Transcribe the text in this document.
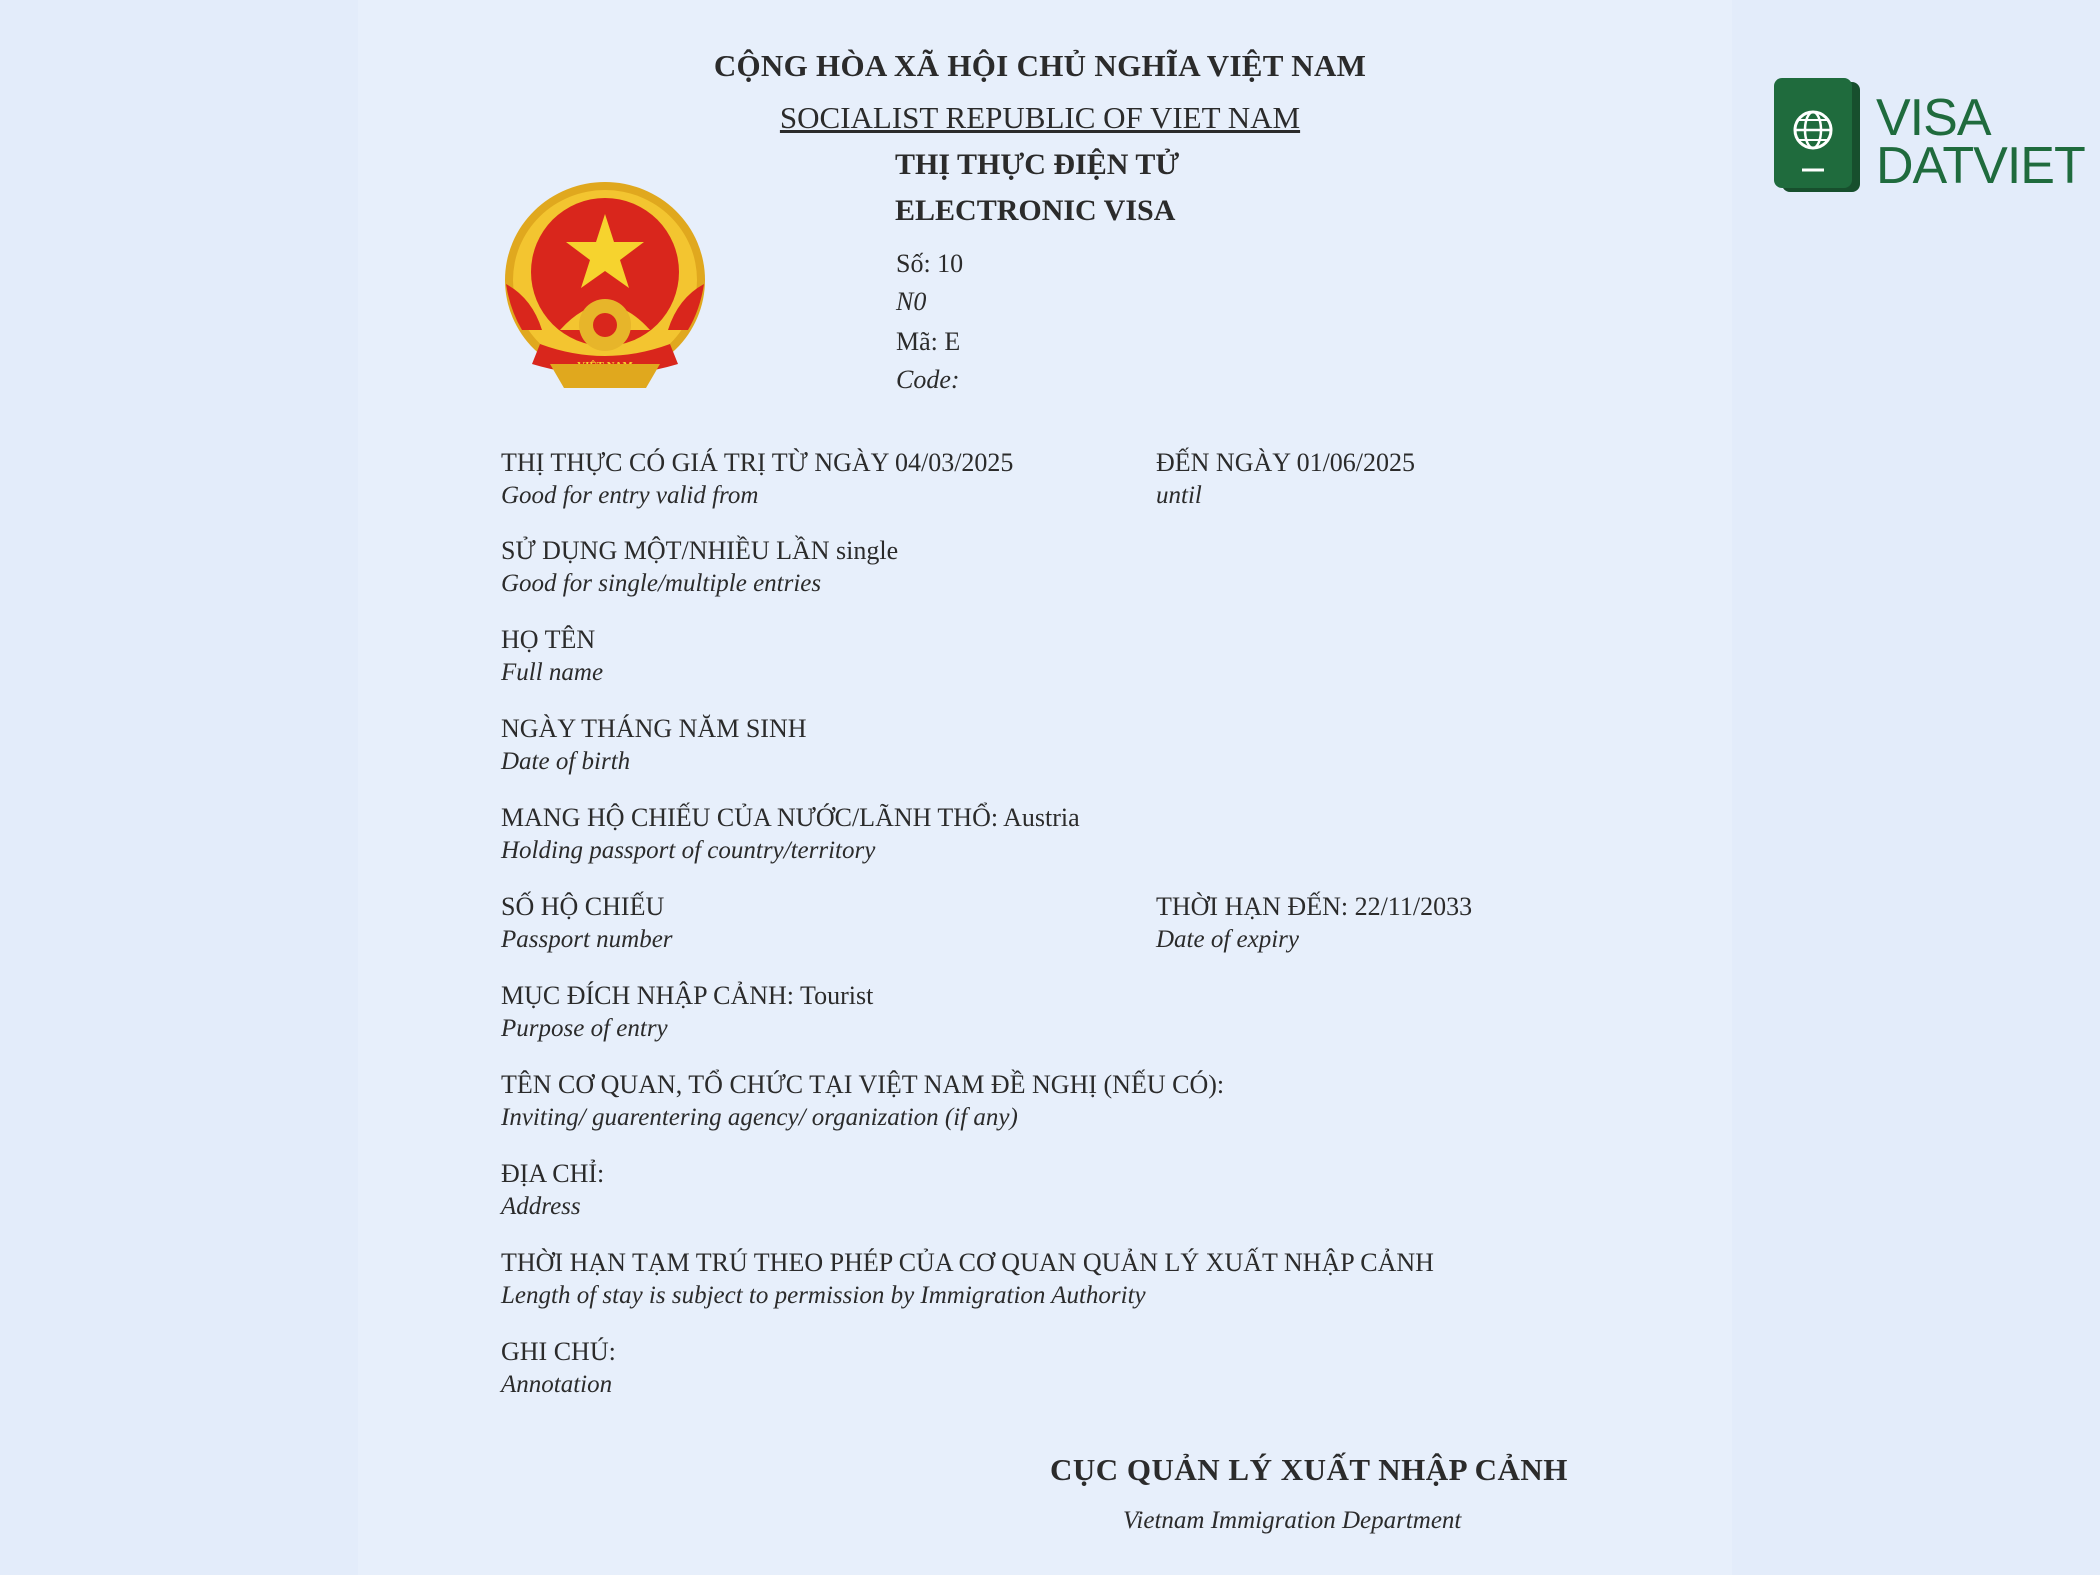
CỘNG HÒA XÃ HỘI CHỦ NGHĨA VIỆT NAM
SOCIALIST REPUBLIC OF VIET NAM
THỊ THỰC ĐIỆN TỬ
ELECTRONIC VISA
Số: 10
N0
Mã: E
Code:
VISA
DATVIET
THỊ THỰC CÓ GIÁ TRỊ TỪ NGÀY 04/03/2025
Good for entry valid from
ĐẾN NGÀY 01/06/2025
until
SỬ DỤNG MỘT/NHIỀU LẦN single
Good for single/multiple entries
HỌ TÊN
Full name
NGÀY THÁNG NĂM SINH
Date of birth
MANG HỘ CHIẾU CỦA NƯỚC/LÃNH THỔ: Austria
Holding passport of country/territory
SỐ HỘ CHIẾU
Passport number
THỜI HẠN ĐẾN: 22/11/2033
Date of expiry
MỤC ĐÍCH NHẬP CẢNH: Tourist
Purpose of entry
TÊN CƠ QUAN, TỔ CHỨC TẠI VIỆT NAM ĐỀ NGHỊ (NẾU CÓ):
Inviting/ guarentering agency/ organization (if any)
ĐỊA CHỈ:
Address
THỜI HẠN TẠM TRÚ THEO PHÉP CỦA CƠ QUAN QUẢN LÝ XUẤT NHẬP CẢNH
Length of stay is subject to permission by Immigration Authority
GHI CHÚ:
Annotation
CỤC QUẢN LÝ XUẤT NHẬP CẢNH
Vietnam Immigration Department
